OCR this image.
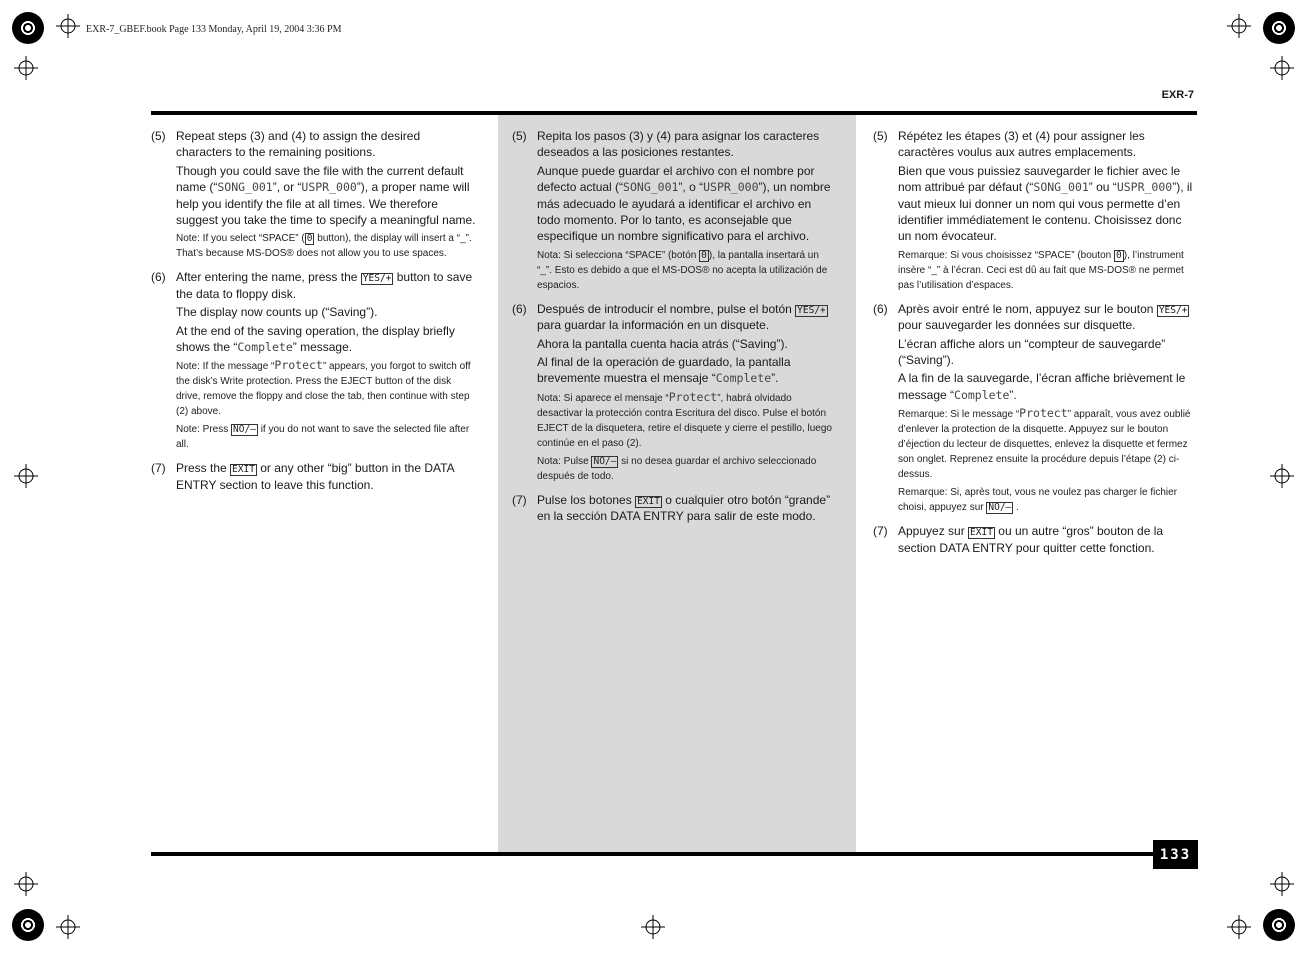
EXR-7_GBEF.book Page 133 Monday, April 19, 2004 3:36 PM
EXR-7
133
(5) Repeat steps (3) and (4) to assign the desired characters to the remaining positions.

Though you could save the file with the current default name (“SONG_001”, or “USPR_000”), a proper name will help you identify the file at all times. We therefore suggest you take the time to specify a meaningful name.

Note: If you select “SPACE” ( 0 button), the display will insert a “_”. That’s because MS-DOS® does not allow you to use spaces.

(6) After entering the name, press the YES/+ button to save the data to floppy disk.

The display now counts up (“Saving”).

At the end of the saving operation, the display briefly shows the “Complete” message.

Note: If the message “Protect” appears, you forgot to switch off the disk’s Write protection. Press the EJECT button of the disk drive, remove the floppy and close the tab, then continue with step (2) above.

Note: Press NO/– if you do not want to save the selected file after all.

(7) Press the EXIT or any other “big” button in the DATA ENTRY section to leave this function.

(5) Repita los pasos (3) y (4) para asignar los caracteres deseados a las posiciones restantes.

Aunque puede guardar el archivo con el nombre por defecto actual (“SONG_001”, o “USPR_000”), un nombre más adecuado le ayudará a identificar el archivo en todo momento. Por lo tanto, es aconsejable que especifique un nombre significativo para el archivo.

Nota: Si selecciona “SPACE” (botón 0 ), la pantalla insertará un “_”. Esto es debido a que el MS-DOS® no acepta la utilización de espacios.

(6) Después de introducir el nombre, pulse el botón YES/+ para guardar la información en un disquete.

Ahora la pantalla cuenta hacia atrás (“Saving”).

Al final de la operación de guardado, la pantalla brevemente muestra el mensaje “Complete”.

Nota: Si aparece el mensaje “Protect”, habrá olvidado desactivar la protección contra Escritura del disco. Pulse el botón EJECT de la disquetera, retire el disquete y cierre el pestillo, luego continúe en el paso (2).

Nota: Pulse NO/– si no desea guardar el archivo seleccionado después de todo.

(7) Pulse los botones EXIT o cualquier otro botón “grande” en la sección DATA ENTRY para salir de este modo.

(5) Répétez les étapes (3) et (4) pour assigner les caractères voulus aux autres emplacements.

Bien que vous puissiez sauvegarder le fichier avec le nom attribué par défaut (“SONG_001” ou “USPR_000”), il vaut mieux lui donner un nom qui vous permette d’en identifier immédiatement le contenu. Choisissez donc un nom évocateur.

Remarque: Si vous choisissez “SPACE” (bouton 0 ), l’instrument insère “_” à l’écran. Ceci est dû au fait que MS-DOS® ne permet pas l’utilisation d’espaces.

(6) Après avoir entré le nom, appuyez sur le bouton YES/+ pour sauvegarder les données sur disquette.

L’écran affiche alors un “compteur de sauvegarde” (“Saving”).

A la fin de la sauvegarde, l’écran affiche brièvement le message “Complete”.

Remarque: Si le message “Protect” apparaît, vous avez oublié d’enlever la protection de la disquette. Appuyez sur le bouton d’éjection du lecteur de disquettes, enlevez la disquette et fermez son onglet. Reprenez ensuite la procédure depuis l’étape (2) ci-dessus.

Remarque: Si, après tout, vous ne voulez pas charger le fichier choisi, appuyez sur NO/– .

(7) Appuyez sur EXIT ou un autre “gros” bouton de la section DATA ENTRY pour quitter cette fonction.
